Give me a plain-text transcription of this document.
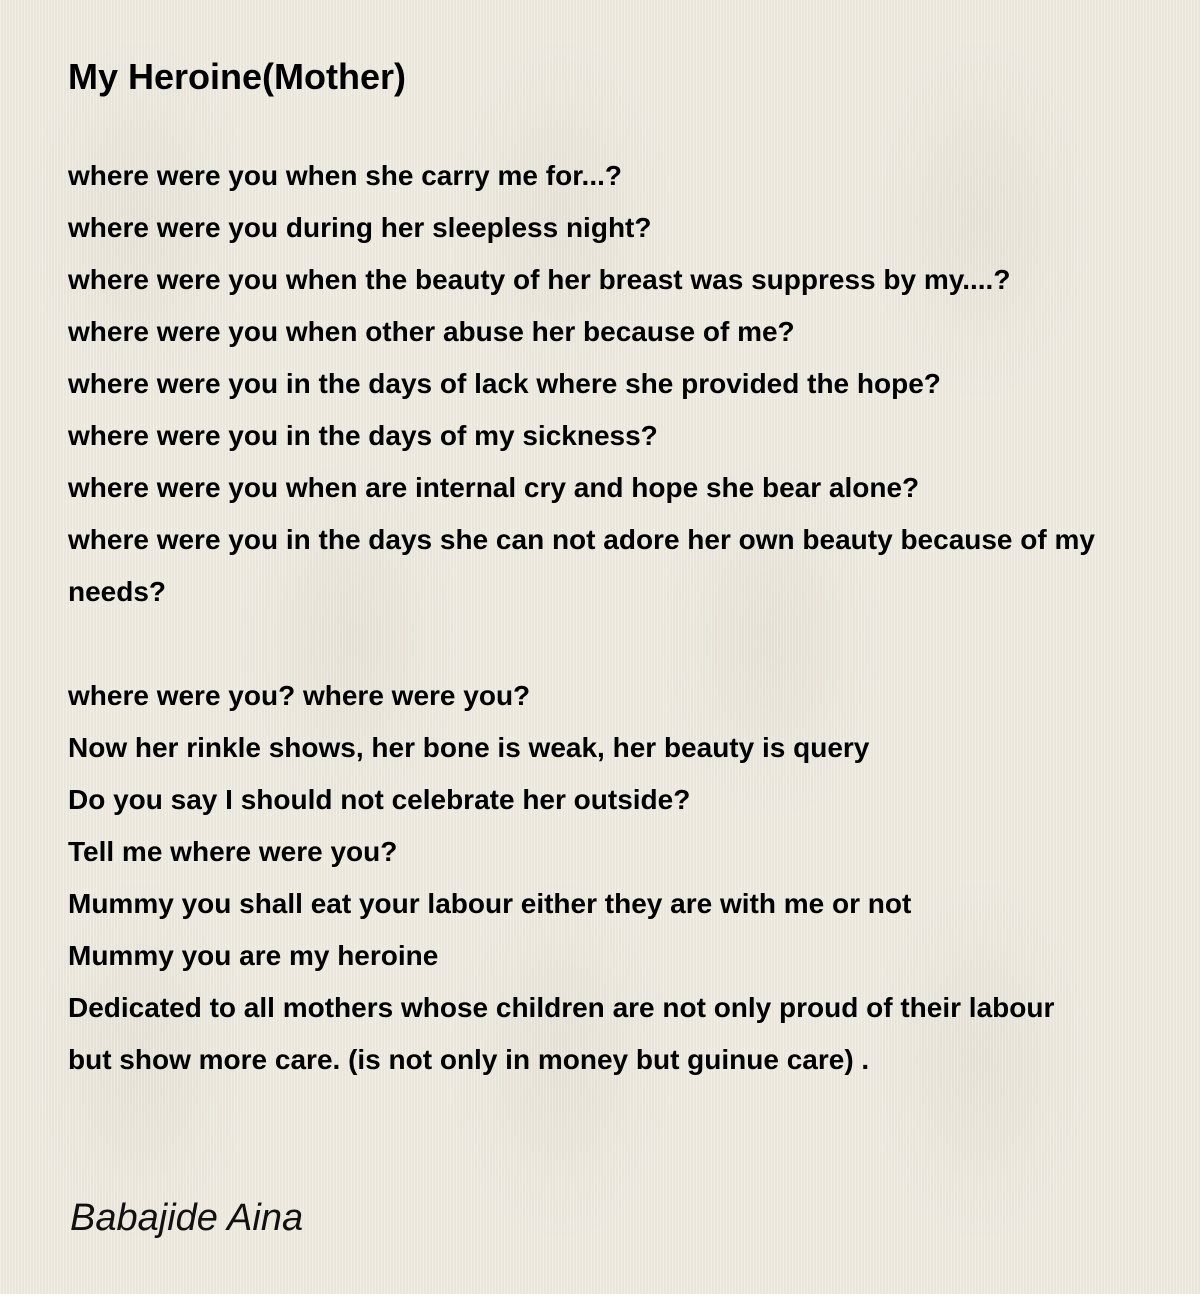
My Heroine(Mother)
where were you when she carry me for...?
where were you during her sleepless night?
where were you when the beauty of her breast was suppress by my....?
where were you when other abuse her because of me?
where were you in the days of lack where she provided the hope?
where were you in the days of my sickness?
where were you when are internal cry and hope she bear alone?
where were you in the days she can not adore her own beauty because of my needs?
where were you? where were you?
Now her rinkle shows, her bone is weak, her beauty is query
Do you say I should not celebrate her outside?
Tell me where were you?
Mummy you shall eat your labour either they are with me or not
Mummy you are my heroine
Dedicated to all mothers whose children are not only proud of their labour but show more care. (is not only in money but guinue care) .
Babajide Aina
